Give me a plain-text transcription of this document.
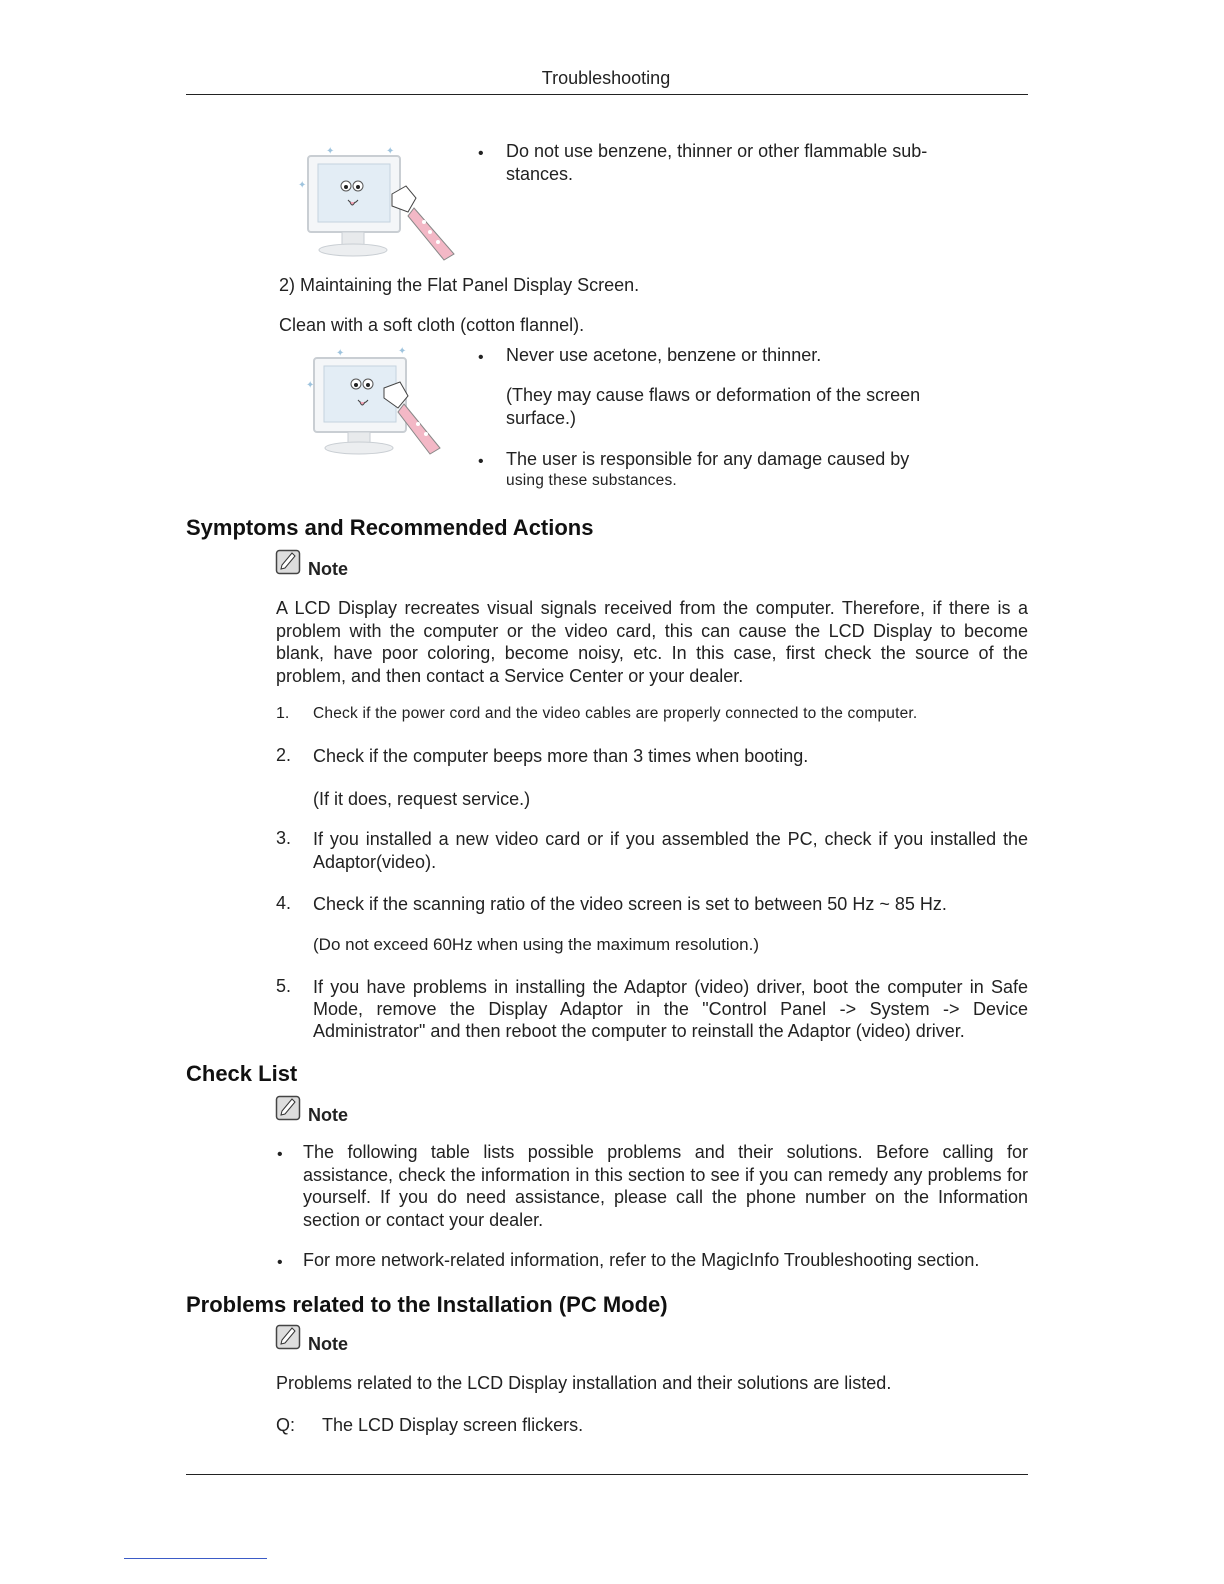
Troubleshooting
✦	✦
✦
• Do not use benzene, thinner or other flammable sub-
stances.
2) Maintaining the Flat Panel Display Screen.
Clean with a soft cloth (cotton flannel).
✦	✦
✦
• Never use acetone, benzene or thinner.
(They may cause flaws or deformation of the screen surface.)
• The user is responsible for any damage caused by
using these substances.
Symptoms and Recommended Actions
Note
A LCD Display recreates visual signals received from the computer. Therefore, if there is a problem with the computer or the video card, this can cause the LCD Display to become blank, have poor coloring, become noisy, etc. In this case, first check the source of the problem, and then contact a Service Center or your dealer.
1. Check if the power cord and the video cables are properly connected to the computer.
2. Check if the computer beeps more than 3 times when booting.
(If it does, request service.)
3. If you installed a new video card or if you assembled the PC, check if you installed the Adaptor(video).
4. Check if the scanning ratio of the video screen is set to between 50 Hz ~ 85 Hz.
(Do not exceed 60Hz when using the maximum resolution.)
5. If you have problems in installing the Adaptor (video) driver, boot the computer in Safe Mode, remove the Display Adaptor in the "Control Panel -> System -> Device Administrator" and then reboot the computer to reinstall the Adaptor (video) driver.
Check List
Note
• The following table lists possible problems and their solutions. Before calling for assistance, check the information in this section to see if you can remedy any problems for yourself. If you do need assistance, please call the phone number on the Information section or contact your dealer.
• For more network-related information, refer to the MagicInfo Troubleshooting section.
Problems related to the Installation (PC Mode)
Note
Problems related to the LCD Display installation and their solutions are listed.
Q: The LCD Display screen flickers.
